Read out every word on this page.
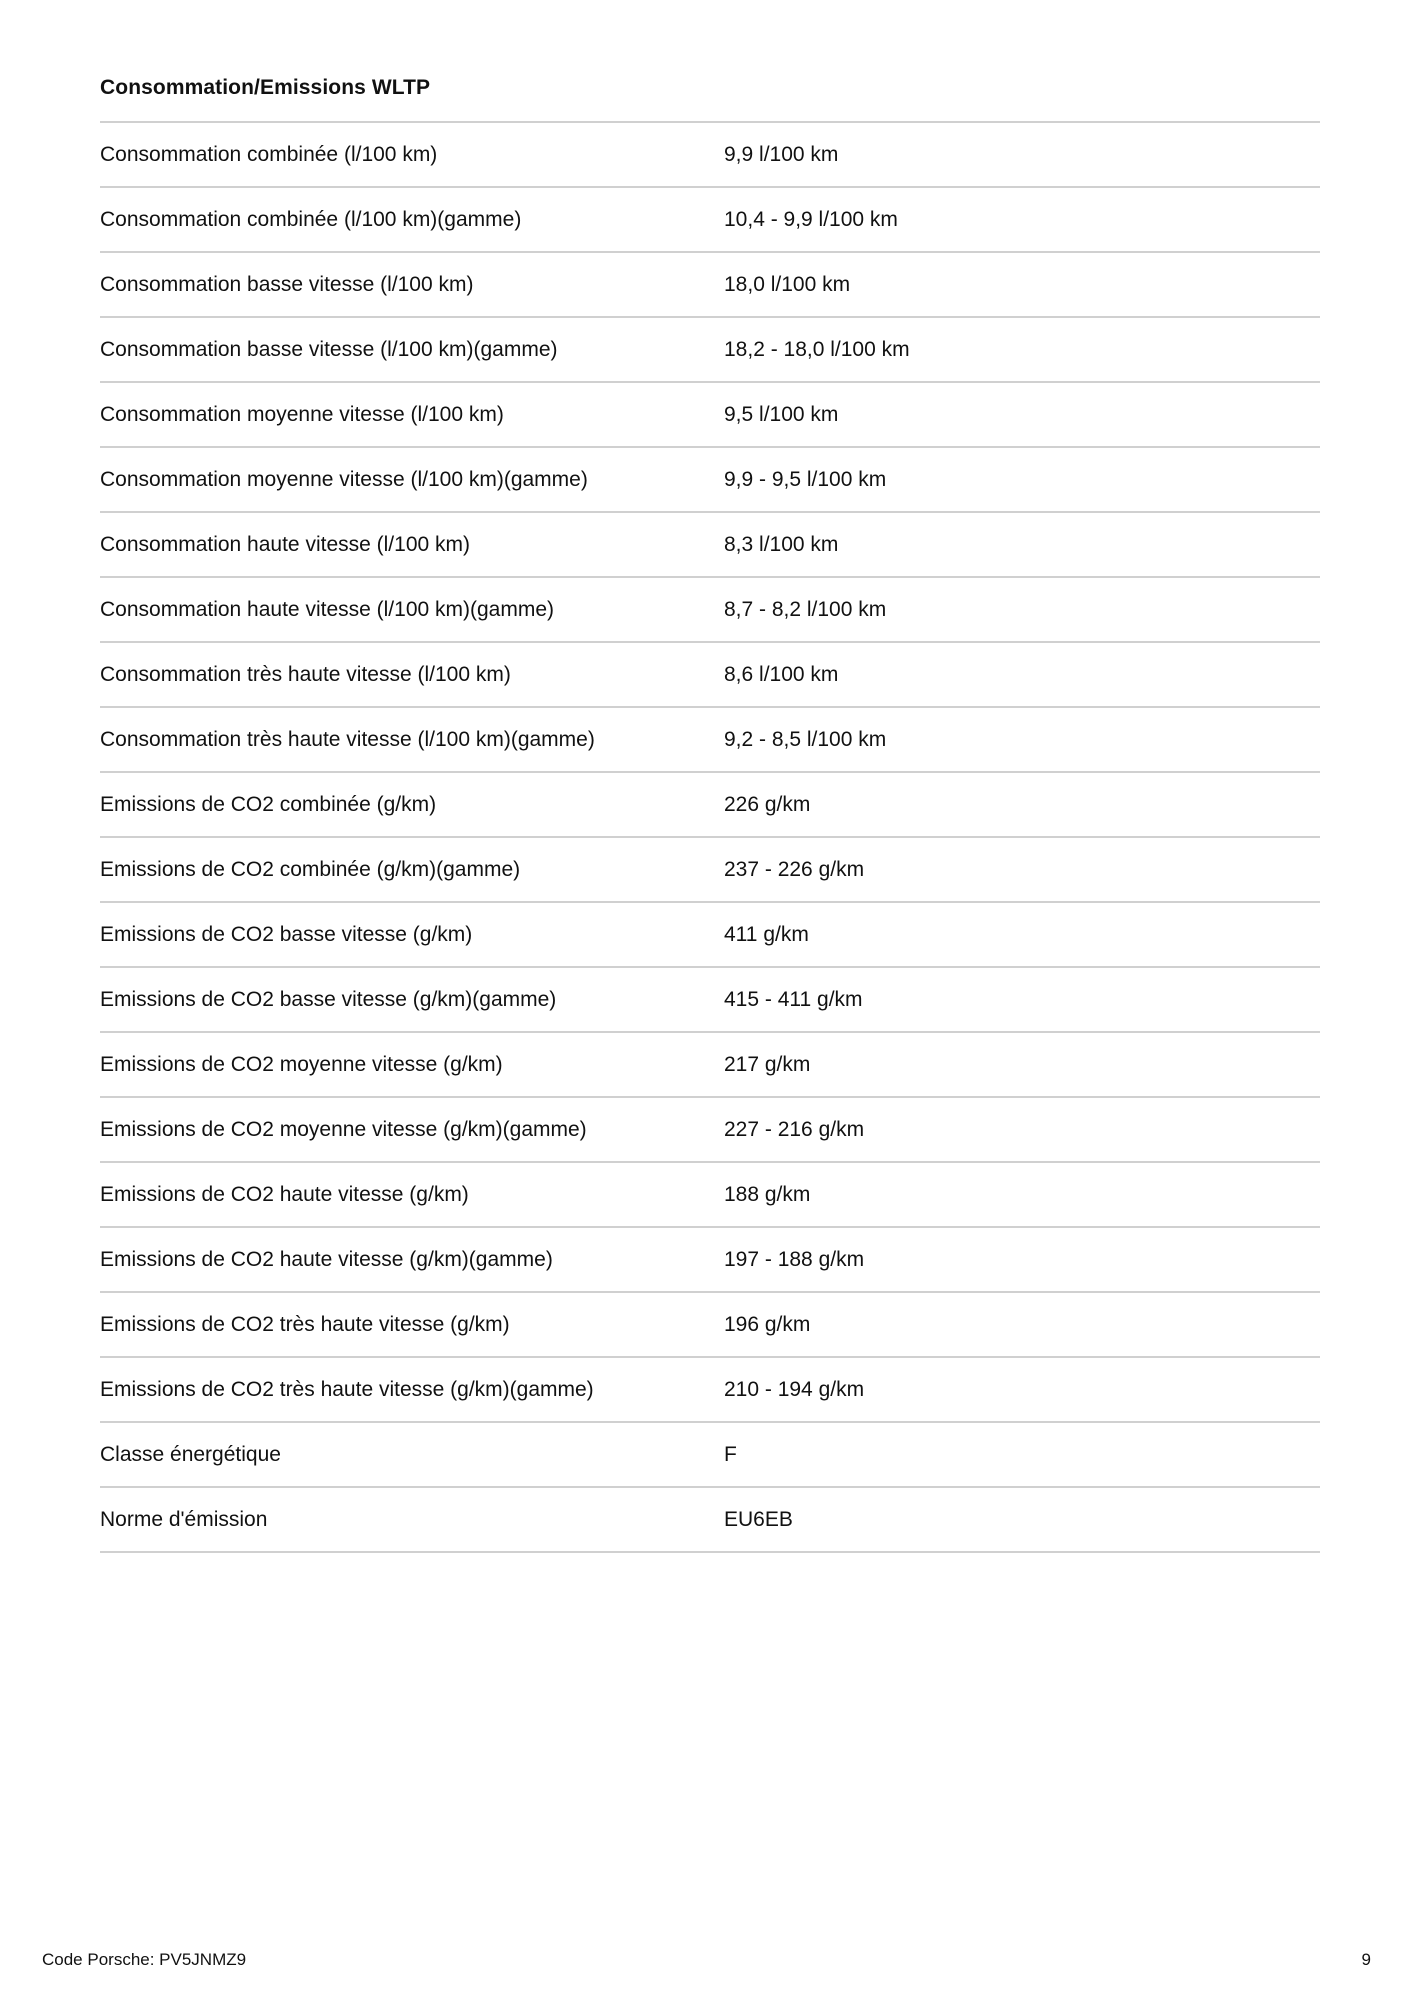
Consommation/Emissions WLTP
Consommation combinée (l/100 km)	9,9 l/100 km
Consommation combinée (l/100 km)(gamme)	10,4 - 9,9 l/100 km
Consommation basse vitesse (l/100 km)	18,0 l/100 km
Consommation basse vitesse (l/100 km)(gamme)	18,2 - 18,0 l/100 km
Consommation moyenne vitesse (l/100 km)	9,5 l/100 km
Consommation moyenne vitesse (l/100 km)(gamme)	9,9 - 9,5 l/100 km
Consommation haute vitesse (l/100 km)	8,3 l/100 km
Consommation haute vitesse (l/100 km)(gamme)	8,7 - 8,2 l/100 km
Consommation très haute vitesse (l/100 km)	8,6 l/100 km
Consommation très haute vitesse (l/100 km)(gamme)	9,2 - 8,5 l/100 km
Emissions de CO2 combinée (g/km)	226 g/km
Emissions de CO2 combinée (g/km)(gamme)	237 - 226 g/km
Emissions de CO2 basse vitesse (g/km)	411 g/km
Emissions de CO2 basse vitesse (g/km)(gamme)	415 - 411 g/km
Emissions de CO2 moyenne vitesse (g/km)	217 g/km
Emissions de CO2 moyenne vitesse (g/km)(gamme)	227 - 216 g/km
Emissions de CO2 haute vitesse (g/km)	188 g/km
Emissions de CO2 haute vitesse (g/km)(gamme)	197 - 188 g/km
Emissions de CO2 très haute vitesse (g/km)	196 g/km
Emissions de CO2 très haute vitesse (g/km)(gamme)	210 - 194 g/km
Classe énergétique	F
Norme d'émission	EU6EB
Code Porsche: PV5JNMZ9	9
